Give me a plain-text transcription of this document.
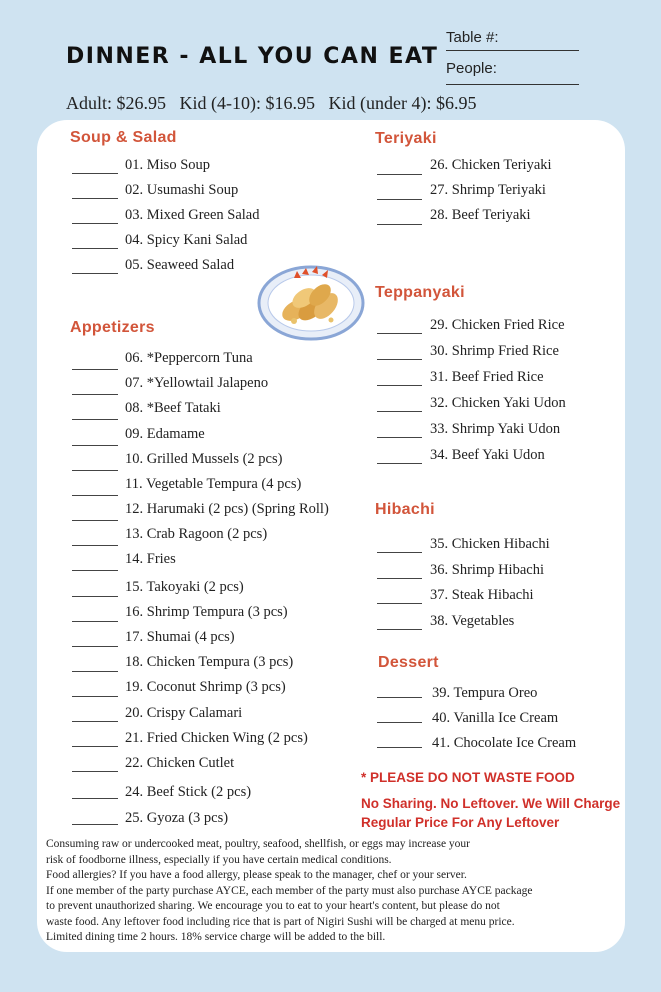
DINNER - ALL YOU CAN EAT
Table #:
People:
Adult: $26.95   Kid (4-10): $16.95   Kid (under 4): $6.95
Soup & Salad
01. Miso Soup
02. Usumashi Soup
03. Mixed Green Salad
04. Spicy Kani Salad
05. Seaweed Salad
Appetizers
06. *Peppercorn Tuna
07. *Yellowtail Jalapeno
08. *Beef Tataki
09. Edamame
10. Grilled Mussels (2 pcs)
11. Vegetable Tempura (4 pcs)
12. Harumaki (2 pcs) (Spring Roll)
13. Crab Ragoon (2 pcs)
14. Fries
15. Takoyaki (2 pcs)
16. Shrimp Tempura (3 pcs)
17. Shumai (4 pcs)
18. Chicken Tempura (3 pcs)
19. Coconut Shrimp (3 pcs)
20. Crispy Calamari
21. Fried Chicken Wing (2 pcs)
22. Chicken Cutlet
24. Beef Stick (2 pcs)
25. Gyoza (3 pcs)
Teriyaki
26. Chicken Teriyaki
27. Shrimp Teriyaki
28. Beef Teriyaki
Teppanyaki
29. Chicken Fried Rice
30. Shrimp Fried Rice
31. Beef Fried Rice
32. Chicken Yaki Udon
33. Shrimp Yaki Udon
34. Beef Yaki Udon
Hibachi
35. Chicken Hibachi
36. Shrimp Hibachi
37. Steak Hibachi
38. Vegetables
Dessert
39. Tempura Oreo
40. Vanilla Ice Cream
41. Chocolate Ice Cream
* PLEASE DO NOT WASTE FOOD
No Sharing. No Leftover. We Will Charge
Regular Price For Any Leftover
Consuming raw or undercooked meat, poultry, seafood, shellfish, or eggs may increase your
risk of foodborne illness, especially if you have certain medical conditions.
Food allergies? If you have a food allergy, please speak to the manager, chef or your server.
If one member of the party purchase AYCE, each member of the party must also purchase AYCE package
to prevent unauthorized sharing. We encourage you to eat to your heart's content, but please do not
waste food. Any leftover food including rice that is part of Nigiri Sushi will be charged at menu price.
Limited dining time 2 hours. 18% service charge will be added to the bill.
